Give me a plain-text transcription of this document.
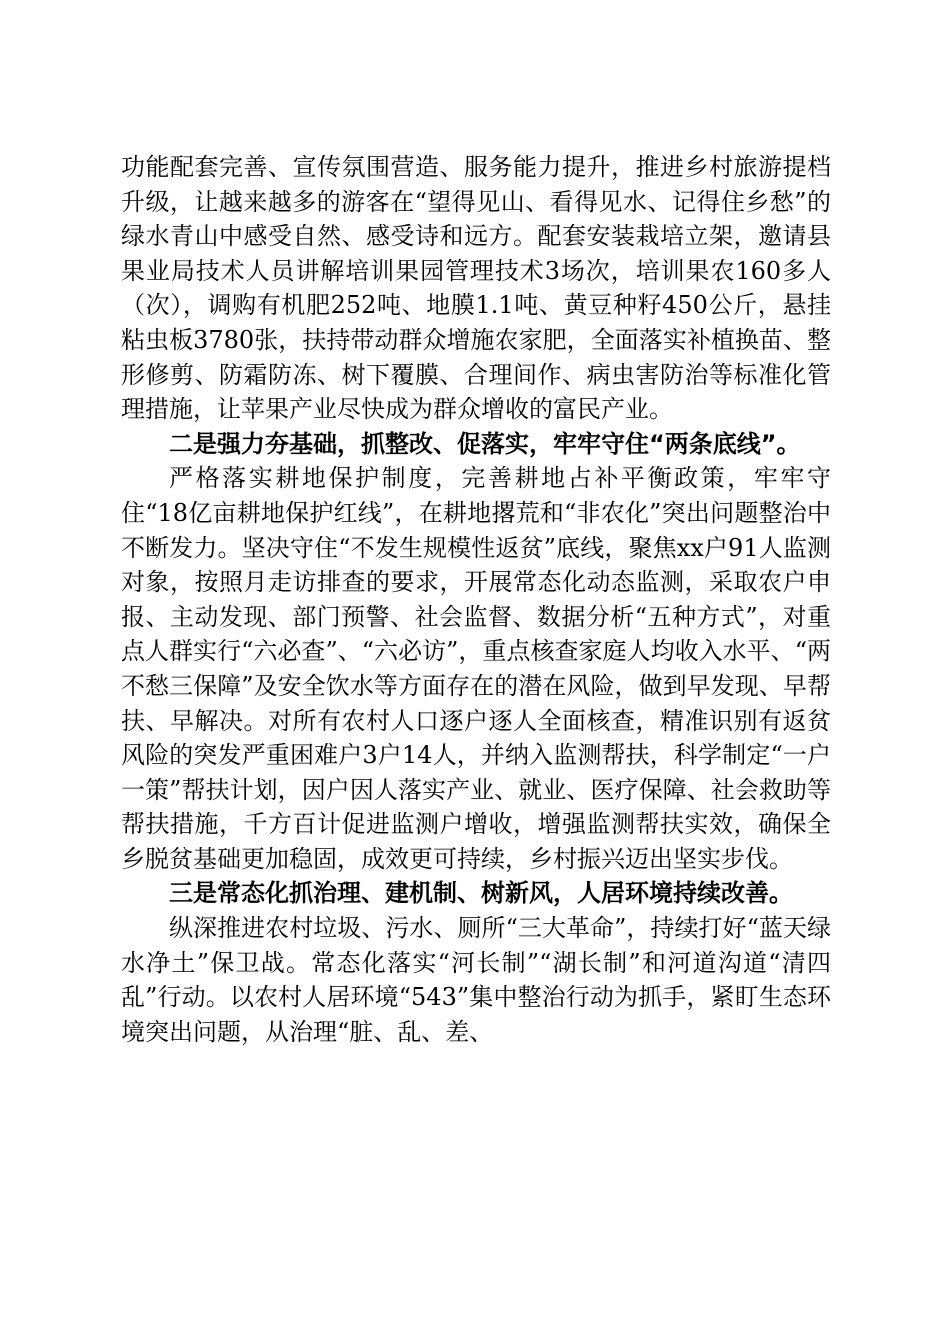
功能配套完善、宣传氛围营造、服务能力提升，推进乡村旅游提档升级，让越来越多的游客在“望得见山、看得见水、记得住乡愁”的绿水青山中感受自然、感受诗和远方。配套安装栽培立架，邀请县果业局技术人员讲解培训果园管理技术3场次，培训果农160多人（次），调购有机肥252吨、地膜1.1吨、黄豆种籽450公斤，悬挂粘虫板3780张，扶持带动群众增施农家肥，全面落实补植换苗、整形修剪、防霜防冻、树下覆膜、合理间作、病虫害防治等标准化管理措施，让苹果产业尽快成为群众增收的富民产业。

二是强力夯基础，抓整改、促落实，牢牢守住“两条底线”。

严格落实耕地保护制度，完善耕地占补平衡政策，牢牢守住“18亿亩耕地保护红线”，在耕地撂荒和“非农化”突出问题整治中不断发力。坚决守住“不发生规模性返贫”底线，聚焦xx户91人监测对象，按照月走访排查的要求，开展常态化动态监测，采取农户申报、主动发现、部门预警、社会监督、数据分析“五种方式”，对重点人群实行“六必查”、“六必访”，重点核查家庭人均收入水平、“两不愁三保障”及安全饮水等方面存在的潜在风险，做到早发现、早帮扶、早解决。对所有农村人口逐户逐人全面核查，精准识别有返贫风险的突发严重困难户3户14人，并纳入监测帮扶，科学制定“一户一策”帮扶计划，因户因人落实产业、就业、医疗保障、社会救助等帮扶措施，千方百计促进监测户增收，增强监测帮扶实效，确保全乡脱贫基础更加稳固，成效更可持续，乡村振兴迈出坚实步伐。

三是常态化抓治理、建机制、树新风，人居环境持续改善。

纵深推进农村垃圾、污水、厕所“三大革命”，持续打好“蓝天绿水净土”保卫战。常态化落实“河长制”“湖长制”和河道沟道“清四乱”行动。以农村人居环境“543”集中整治行动为抓手，紧盯生态环境突出问题，从治理“脏、乱、差、
